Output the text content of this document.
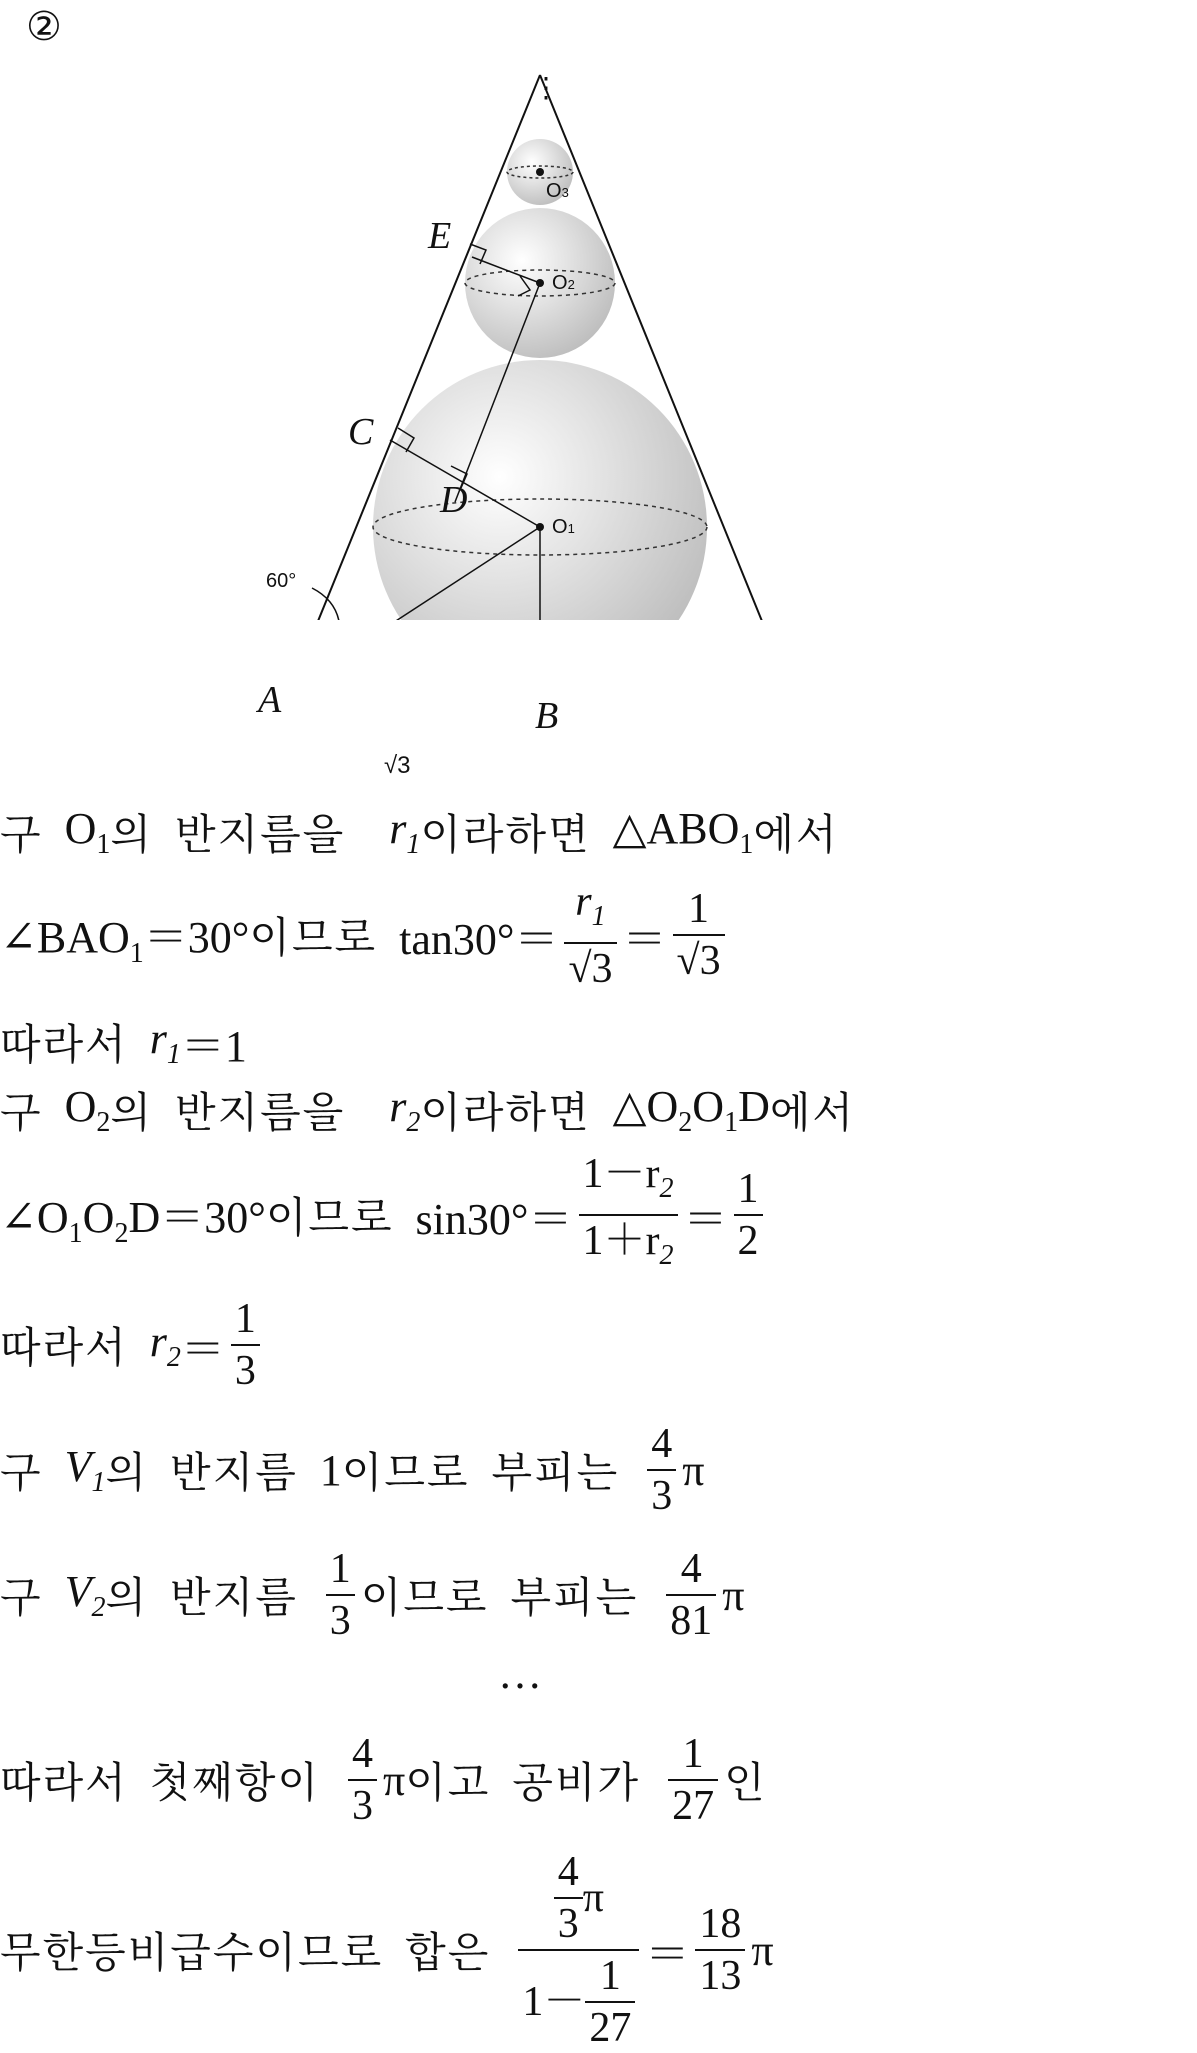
②
A	B
C
D
E
O1
O2
O3
60°
√3
⋮
구 $O_1$ 의 반지름을 $r_1$ 이라하면 $\triangle ABO_1$ 에서
$\angle BAO_1=30^\circ$ 이므로 $\tan 30^\circ= \frac{r_1}{√3} = \frac{1}{√3}$
따라서 $r_1 =1$
구 $O_2$ 의 반지름을 $r_2$ 이라하면 $\triangle O_2O_1D$ 에서
$\angle O_1O_2D=30^\circ$ 이므로 $\sin 30^\circ= \frac{1-r_2}{1+r_2} = \frac{1}{2}$
따라서 $r_2 = \frac{1}{3}$
구 $V_1$ 의 반지름 1 이므로 부피는 $\frac{4}{3}$ π
구 $V_2$ 의 반지름 $\frac{1}{3}$ 이므로 부피는 $\frac{4}{81}$ π
…
따라서 첫째항이 $\frac{4}{3}$ π 이고 공비가 $\frac{1}{27}$ 인
무한등비급수이므로 합은 $\frac{\frac{4}{3} \pi}{1- \frac{1}{27}} = \frac{18}{13}$ π
